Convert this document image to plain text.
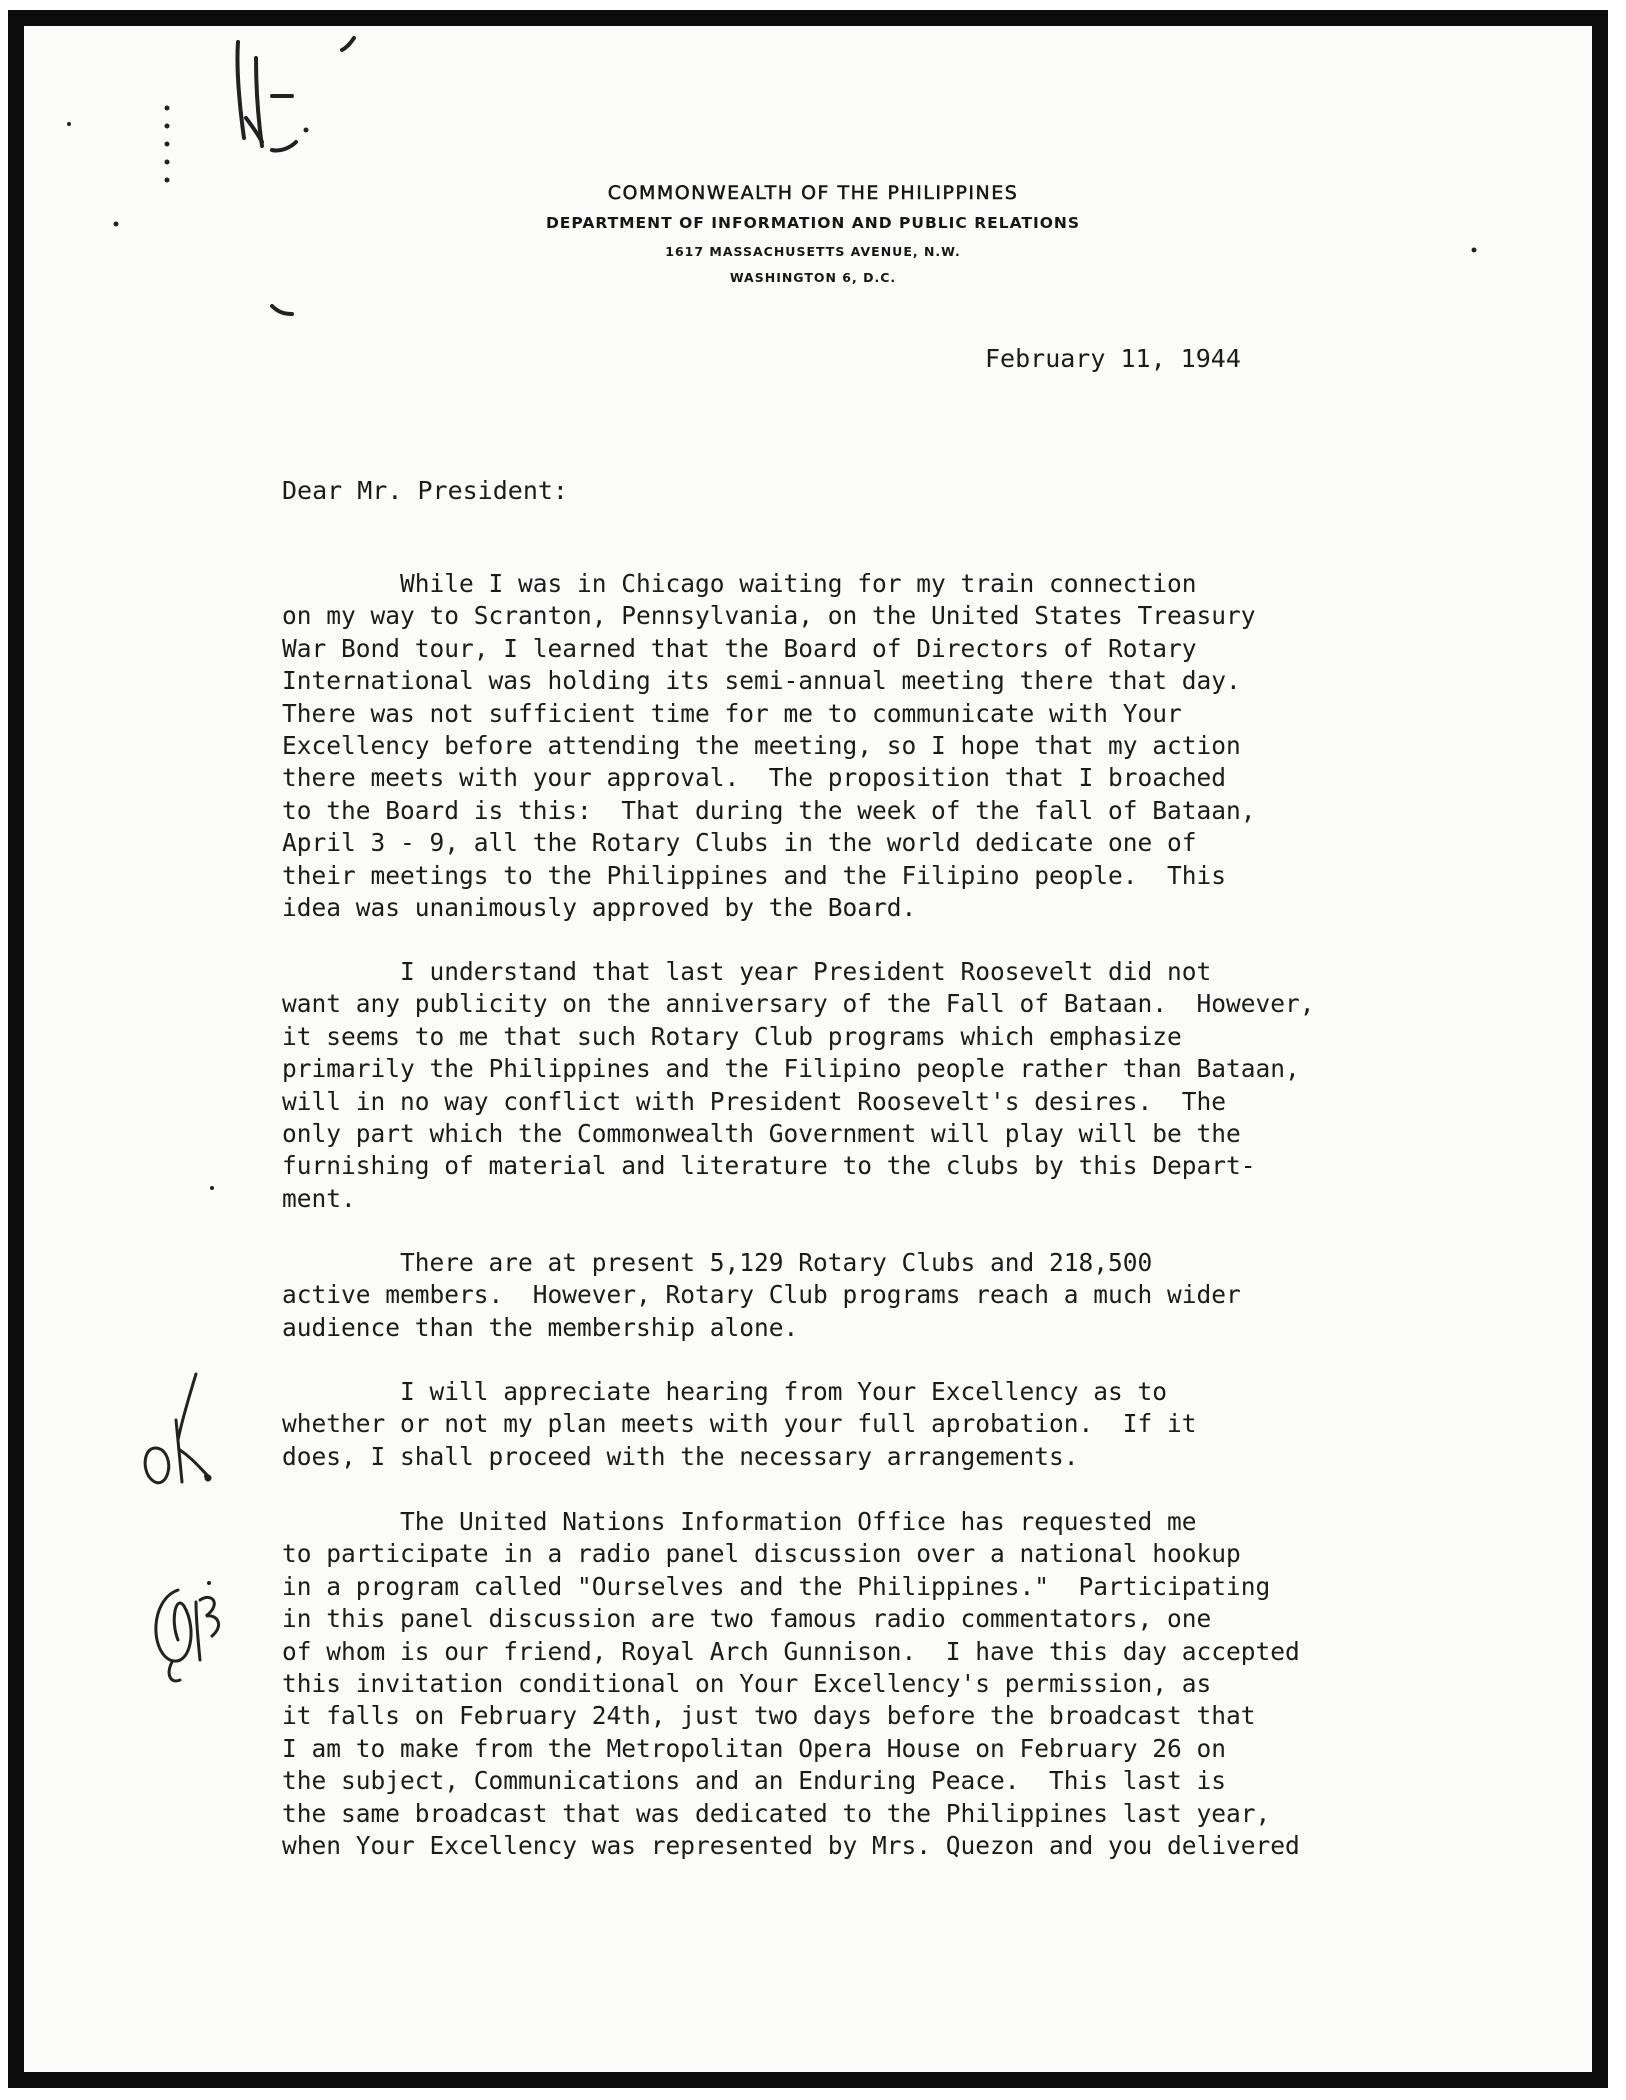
COMMONWEALTH OF THE PHILIPPINES
DEPARTMENT OF INFORMATION AND PUBLIC RELATIONS
1617 MASSACHUSETTS AVENUE, N.W.
WASHINGTON 6, D.C.
February 11, 1944
Dear Mr. President:

While I was in Chicago waiting for my train connection
on my way to Scranton, Pennsylvania, on the United States Treasury
War Bond tour, I learned that the Board of Directors of Rotary
International was holding its semi-annual meeting there that day.
There was not sufficient time for me to communicate with Your
Excellency before attending the meeting, so I hope that my action
there meets with your approval.  The proposition that I broached
to the Board is this:  That during the week of the fall of Bataan,
April 3 - 9, all the Rotary Clubs in the world dedicate one of
their meetings to the Philippines and the Filipino people.  This
idea was unanimously approved by the Board.

I understand that last year President Roosevelt did not
want any publicity on the anniversary of the Fall of Bataan.  However,
it seems to me that such Rotary Club programs which emphasize
primarily the Philippines and the Filipino people rather than Bataan,
will in no way conflict with President Roosevelt's desires.  The
only part which the Commonwealth Government will play will be the
furnishing of material and literature to the clubs by this Depart-
ment.

There are at present 5,129 Rotary Clubs and 218,500
active members.  However, Rotary Club programs reach a much wider
audience than the membership alone.

I will appreciate hearing from Your Excellency as to
whether or not my plan meets with your full aprobation.  If it
does, I shall proceed with the necessary arrangements.

The United Nations Information Office has requested me
to participate in a radio panel discussion over a national hookup
in a program called "Ourselves and the Philippines."  Participating
in this panel discussion are two famous radio commentators, one
of whom is our friend, Royal Arch Gunnison.  I have this day accepted
this invitation conditional on Your Excellency's permission, as
it falls on February 24th, just two days before the broadcast that
I am to make from the Metropolitan Opera House on February 26 on
the subject, Communications and an Enduring Peace.  This last is
the same broadcast that was dedicated to the Philippines last year,
when Your Excellency was represented by Mrs. Quezon and you delivered
